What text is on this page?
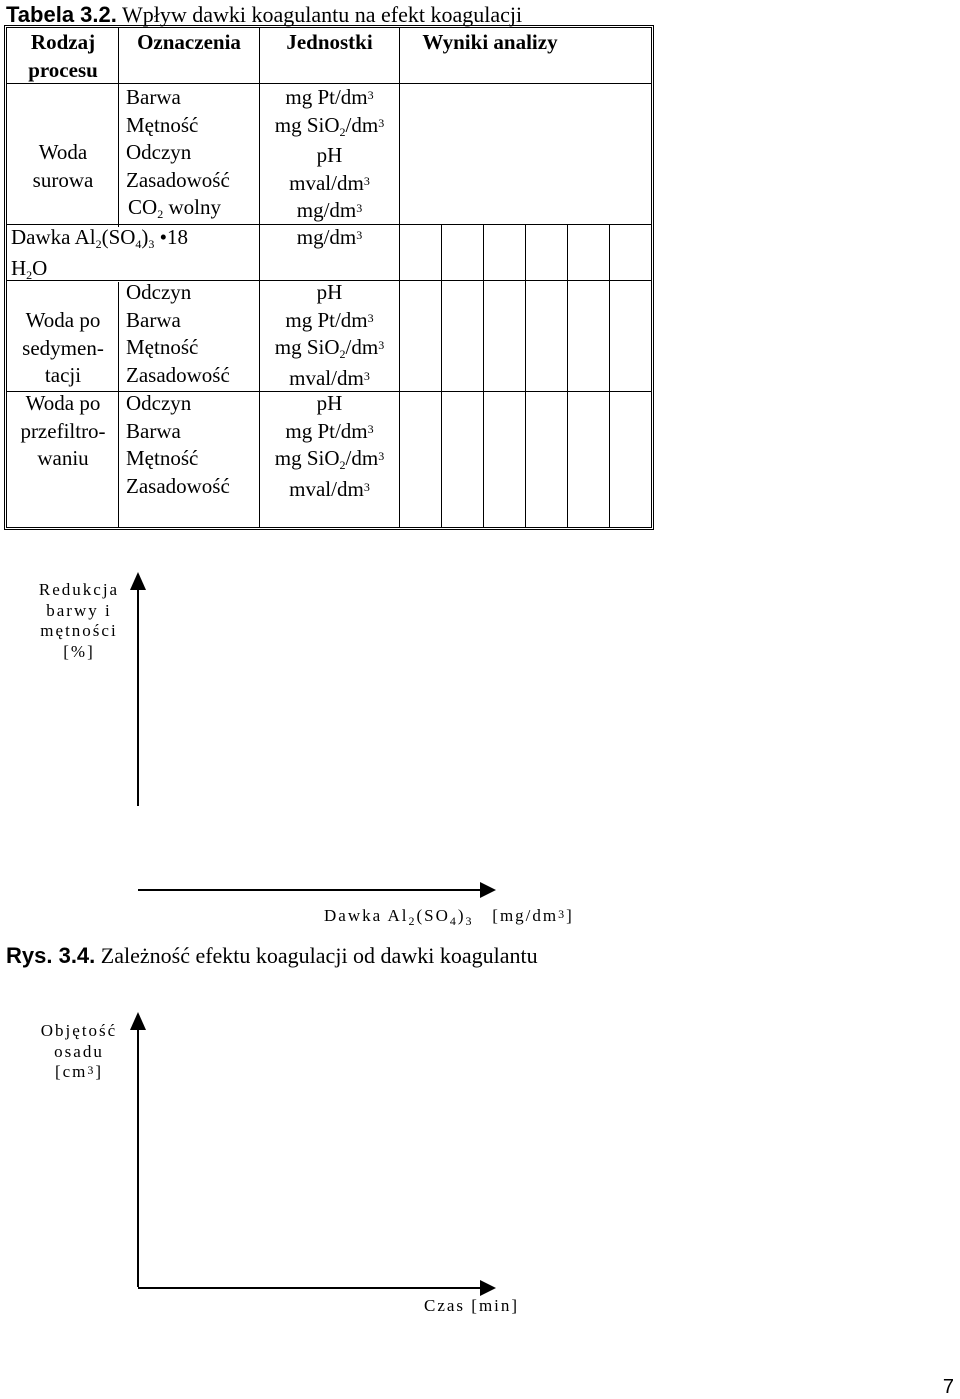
Tabela 3.2. Wpływ dawki koagulantu na efekt koagulacji
Rodzaj
procesu
Oznaczenia	Jednostki	Wyniki analizy
Woda
surowa
Barwa
Mętność
Odczyn
Zasadowość
$CO_2$ wolny
mg $Pt/dm^3$
mg $SiO_2/dm^3$
pH
mval/$dm^3$
$mg/dm^3$
Dawka $Al_2(SO_4)_3$ •18
$H_2O$
$mg/dm^3$
Woda po
sedymen-
tacji
Odczyn
Barwa
Mętność
Zasadowość
pH
mg $Pt/dm^3$
mg $SiO_2/dm^3$
mval/$dm^3$
Woda po
przefiltro-
waniu
Odczyn
Barwa
Mętność
Zasadowość
pH
mg $Pt/dm^3$
mg $SiO_2/dm^3$
mval/$dm^3$
Redukcja
barwy i
mętności
[%]
Dawka $Al_2(SO_4)_3$   $[mg/dm^3]$
Rys. 3.4. Zależność efektu koagulacji od dawki koagulantu
Objętość
osadu
$[cm^3]$
Czas [min]
7
